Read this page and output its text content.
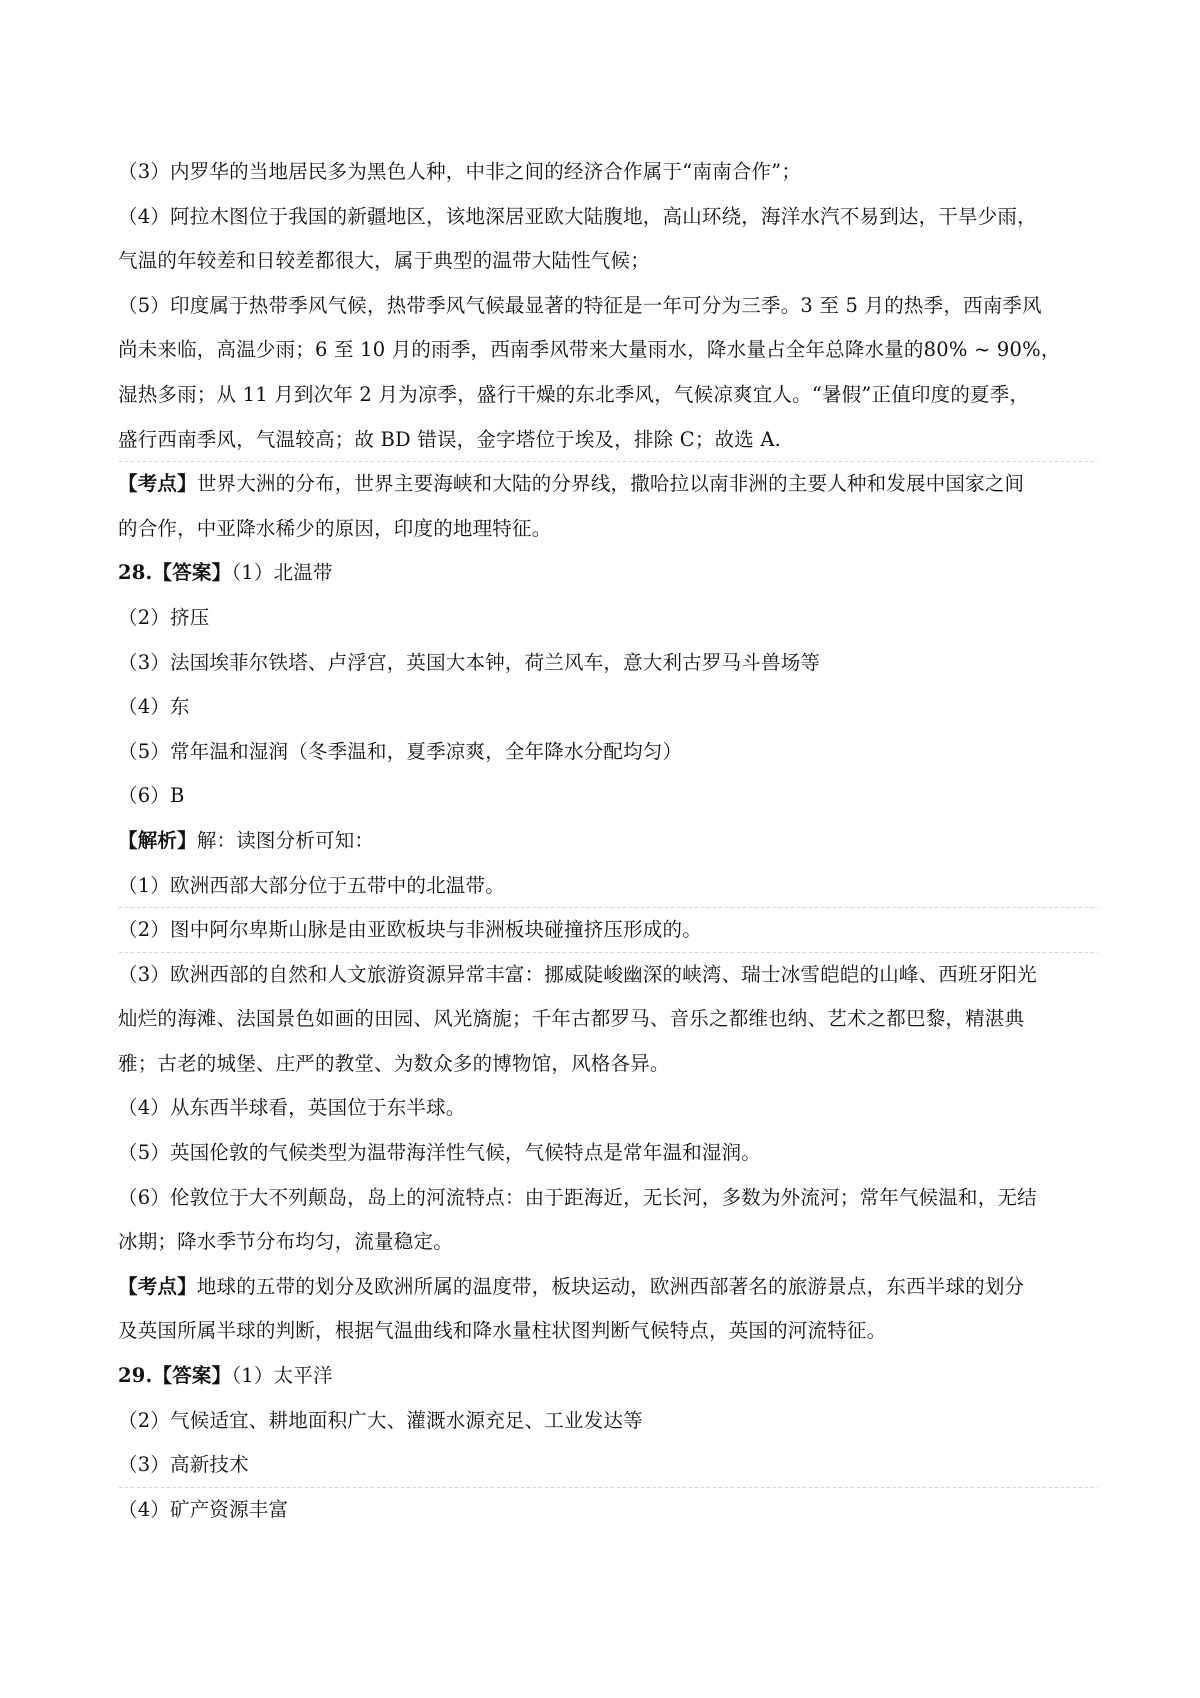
（3）内罗华的当地居民多为黑色人种，中非之间的经济合作属于“南南合作”；
（4）阿拉木图位于我国的新疆地区，该地深居亚欧大陆腹地，高山环绕，海洋水汽不易到达，干旱少雨，
气温的年较差和日较差都很大，属于典型的温带大陆性气候；
（5）印度属于热带季风气候，热带季风气候最显著的特征是一年可分为三季。3 至 5 月的热季，西南季风
尚未来临，高温少雨；6 至 10 月的雨季，西南季风带来大量雨水，降水量占全年总降水量的80% ~ 90%，
湿热多雨；从 11 月到次年 2 月为凉季，盛行干燥的东北季风，气候凉爽宜人。“暑假”正值印度的夏季，
盛行西南季风，气温较高；故 BD 错误，金字塔位于埃及，排除 C；故选 A.
【考点】世界大洲的分布，世界主要海峡和大陆的分界线，撒哈拉以南非洲的主要人种和发展中国家之间
的合作，中亚降水稀少的原因，印度的地理特征。
28.【答案】（1）北温带
（2）挤压
（3）法国埃菲尔铁塔、卢浮宫，英国大本钟，荷兰风车，意大利古罗马斗兽场等
（4）东
（5）常年温和湿润（冬季温和，夏季凉爽，全年降水分配均匀）
（6）B
【解析】解：读图分析可知：
（1）欧洲西部大部分位于五带中的北温带。
（2）图中阿尔卑斯山脉是由亚欧板块与非洲板块碰撞挤压形成的。
（3）欧洲西部的自然和人文旅游资源异常丰富：挪威陡峻幽深的峡湾、瑞士冰雪皑皑的山峰、西班牙阳光
灿烂的海滩、法国景色如画的田园、风光旖旎；千年古都罗马、音乐之都维也纳、艺术之都巴黎，精湛典
雅；古老的城堡、庄严的教堂、为数众多的博物馆，风格各异。
（4）从东西半球看，英国位于东半球。
（5）英国伦敦的气候类型为温带海洋性气候，气候特点是常年温和湿润。
（6）伦敦位于大不列颠岛，岛上的河流特点：由于距海近，无长河，多数为外流河；常年气候温和，无结
冰期；降水季节分布均匀，流量稳定。
【考点】地球的五带的划分及欧洲所属的温度带，板块运动，欧洲西部著名的旅游景点，东西半球的划分
及英国所属半球的判断，根据气温曲线和降水量柱状图判断气候特点，英国的河流特征。
29.【答案】（1）太平洋
（2）气候适宜、耕地面积广大、灌溉水源充足、工业发达等
（3）高新技术
（4）矿产资源丰富
